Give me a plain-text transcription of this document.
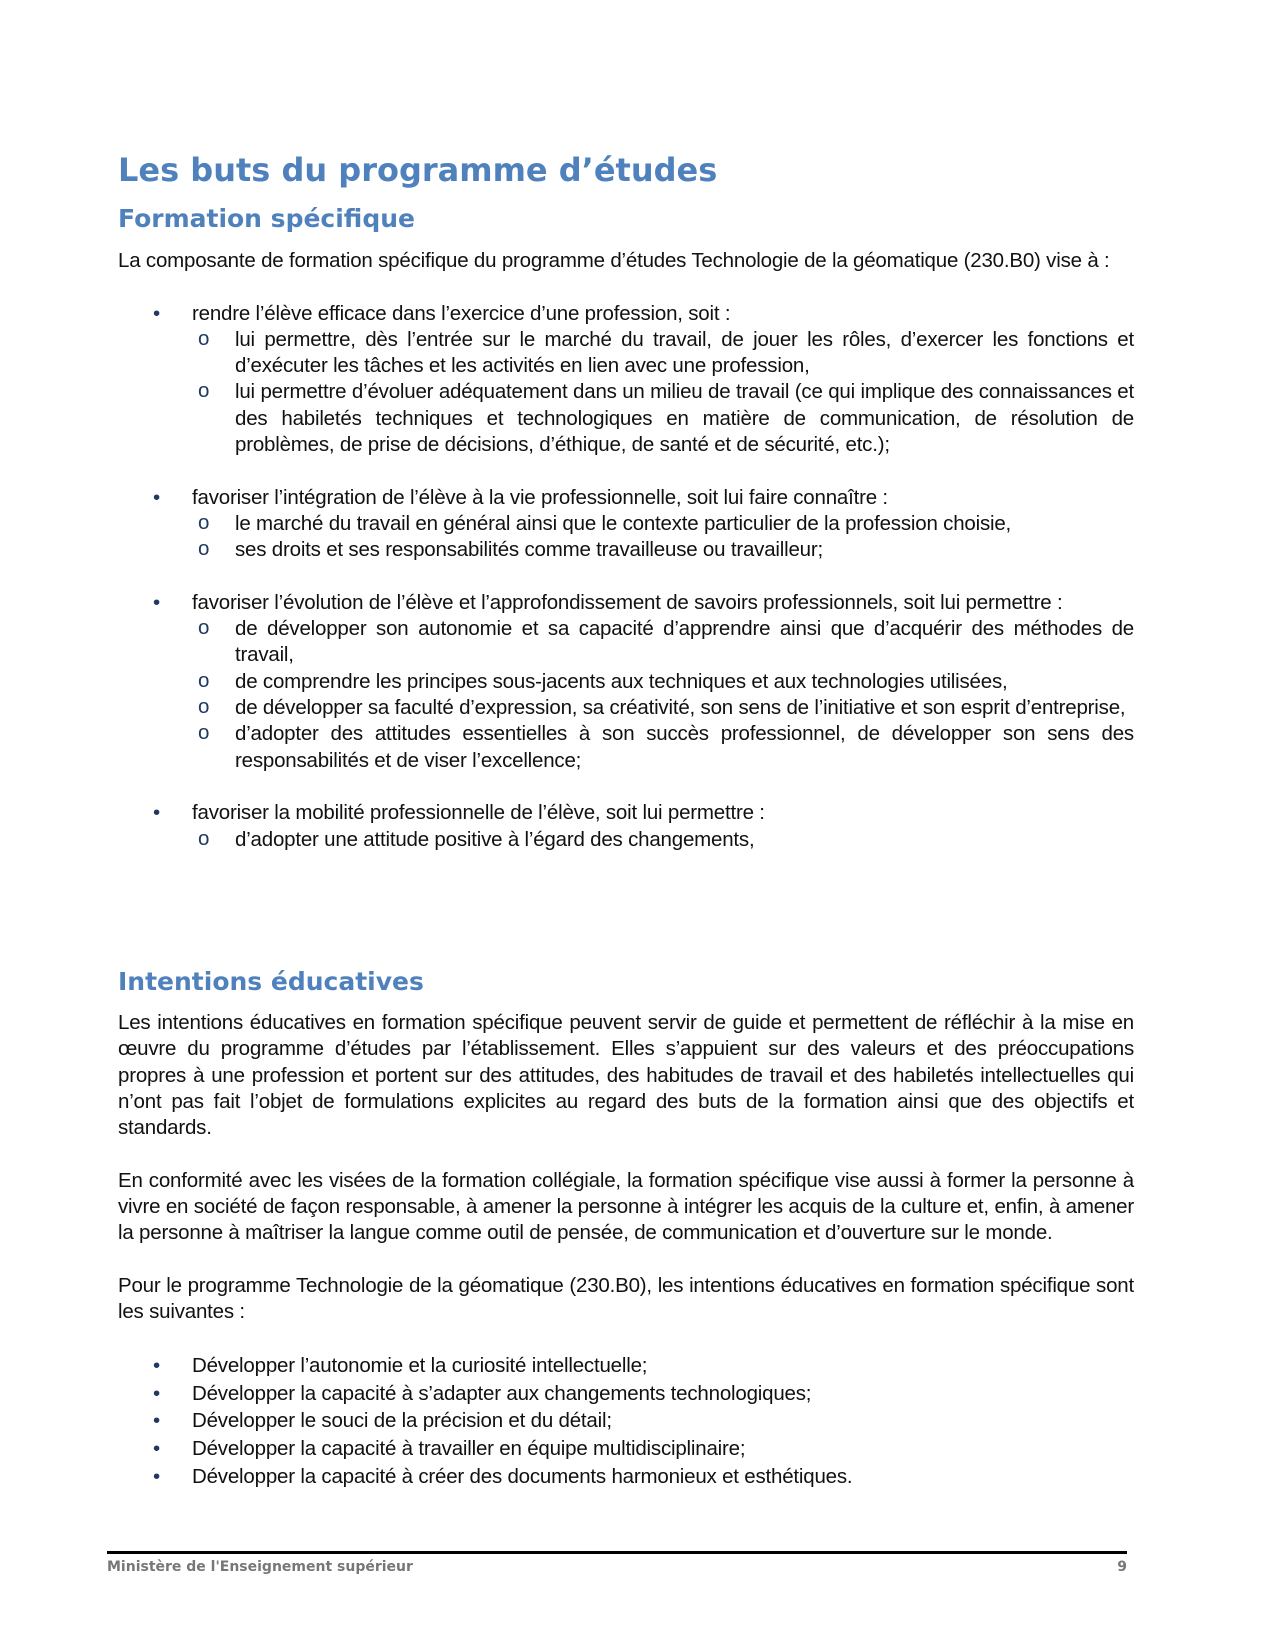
Les buts du programme d’études
Formation spécifique

La composante de formation spécifique du programme d’études Technologie de la géomatique (230.B0) vise à :

• rendre l’élève efficace dans l’exercice d’une profession, soit :
o lui permettre, dès l’entrée sur le marché du travail, de jouer les rôles, d’exercer les fonctions et d’exécuter les tâches et les activités en lien avec une profession,
o lui permettre d’évoluer adéquatement dans un milieu de travail (ce qui implique des connaissances et des habiletés techniques et technologiques en matière de communication, de résolution de problèmes, de prise de décisions, d’éthique, de santé et de sécurité, etc.);
• favoriser l’intégration de l’élève à la vie professionnelle, soit lui faire connaître :
o le marché du travail en général ainsi que le contexte particulier de la profession choisie,
o ses droits et ses responsabilités comme travailleuse ou travailleur;
• favoriser l’évolution de l’élève et l’approfondissement de savoirs professionnels, soit lui permettre :
o de développer son autonomie et sa capacité d’apprendre ainsi que d’acquérir des méthodes de travail,
o de comprendre les principes sous-jacents aux techniques et aux technologies utilisées,
o de développer sa faculté d’expression, sa créativité, son sens de l’initiative et son esprit d’entreprise,
o d’adopter des attitudes essentielles à son succès professionnel, de développer son sens des responsabilités et de viser l’excellence;
• favoriser la mobilité professionnelle de l’élève, soit lui permettre :
o d’adopter une attitude positive à l’égard des changements,
Intentions éducatives

Les intentions éducatives en formation spécifique peuvent servir de guide et permettent de réfléchir à la mise en œuvre du programme d’études par l’établissement. Elles s’appuient sur des valeurs et des préoccupations propres à une profession et portent sur des attitudes, des habitudes de travail et des habiletés intellectuelles qui n’ont pas fait l’objet de formulations explicites au regard des buts de la formation ainsi que des objectifs et standards.

En conformité avec les visées de la formation collégiale, la formation spécifique vise aussi à former la personne à vivre en société de façon responsable, à amener la personne à intégrer les acquis de la culture et, enfin, à amener la personne à maîtriser la langue comme outil de pensée, de communication et d’ouverture sur le monde.

Pour le programme Technologie de la géomatique (230.B0), les intentions éducatives en formation spécifique sont les suivantes :

• Développer l’autonomie et la curiosité intellectuelle;
• Développer la capacité à s’adapter aux changements technologiques;
• Développer le souci de la précision et du détail;
• Développer la capacité à travailler en équipe multidisciplinaire;
• Développer la capacité à créer des documents harmonieux et esthétiques.
Ministère de l'Enseignement supérieur	9
